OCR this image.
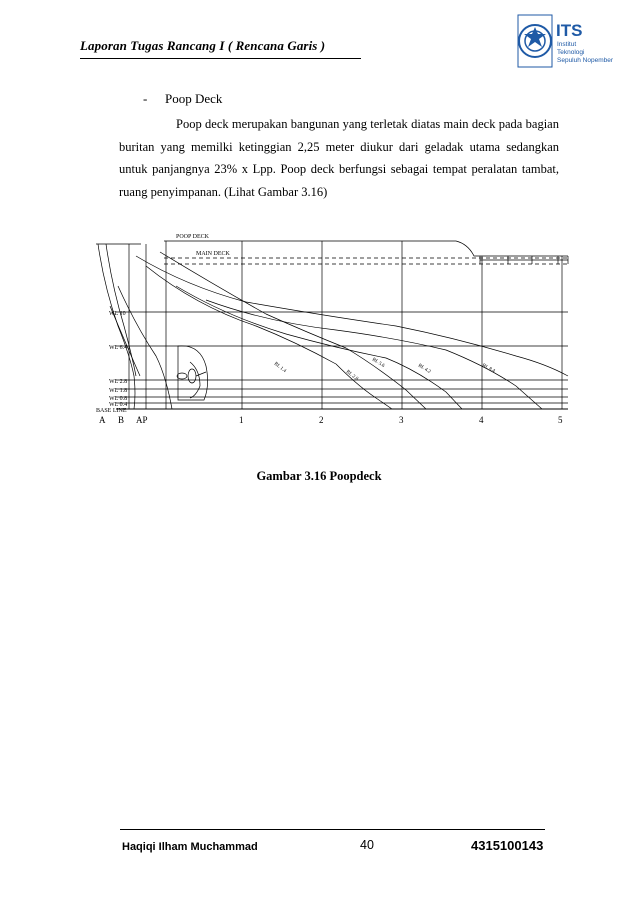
Laporan Tugas Rancang I ( Rencana Garis )
ITS
Institut
Teknologi
Sepuluh Nopember
- Poop Deck
Poop deck merupakan bangunan yang terletak diatas main deck pada bagian buritan yang memilki ketinggian 2,25 meter diukur dari geladak utama sedangkan untuk panjangnya 23% x Lpp. Poop deck berfungsi sebagai tempat peralatan tambat, ruang penyimpanan. (Lihat Gambar 3.16)
POOP DECK
MAIN DECK
WL 10
WL 6.4
WL 2.8
WL 1.8
WL 0.8
WL 0.4
BASE LINE
BL 1.4
BL 2.8
BL 5.6
BL 4.2	BL 8.4
A B AP	1	2	3	4	5
Gambar 3.16 Poopdeck
Haqiqi Ilham Muchammad	40	4315100143
